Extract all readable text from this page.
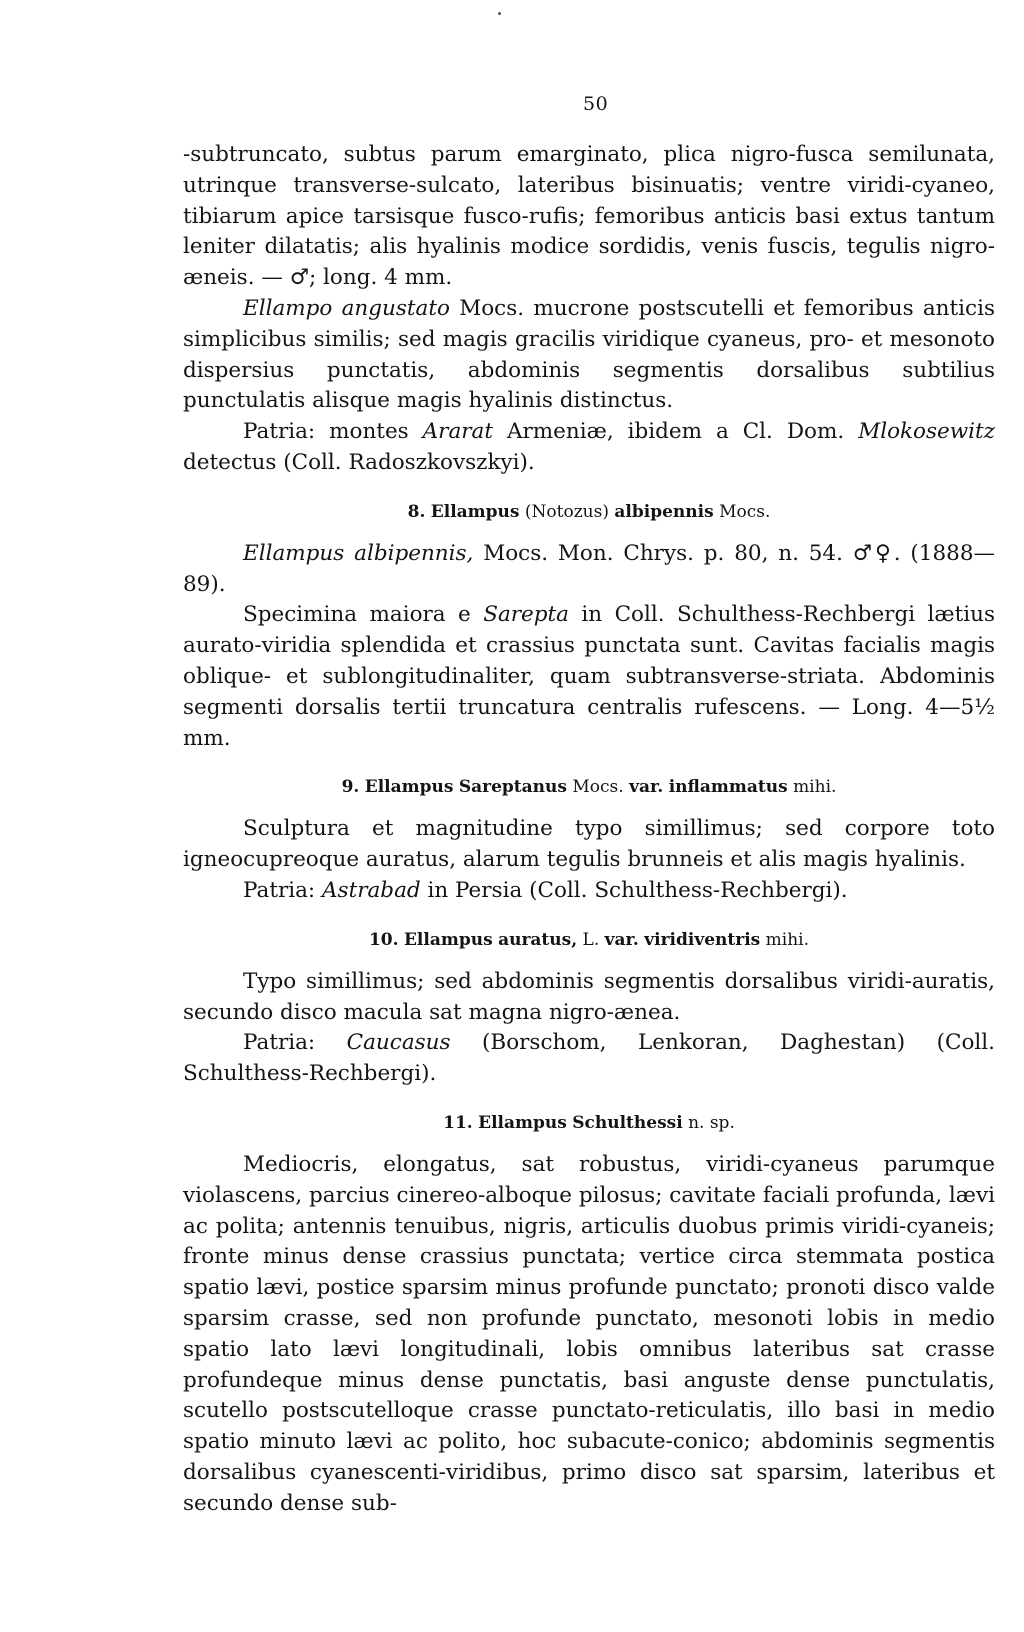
50

-subtruncato, subtus parum emarginato, plica nigro-fusca semilunata, utrinque transverse-sulcato, lateribus bisinuatis; ventre viridi-cyaneo, tibiarum apice tarsisque fusco-rufis; femoribus anticis basi extus tantum leniter dilatatis; alis hyalinis modice sordidis, venis fuscis, tegulis nigro-æneis. — ♂; long. 4 mm.

Ellampo angustato Mocs. mucrone postscutelli et femoribus anticis simplicibus similis; sed magis gracilis viridique cyaneus, pro- et mesonoto dispersius punctatis, abdominis segmentis dorsalibus subtilius punctulatis alisque magis hyalinis distinctus.

Patria: montes Ararat Armeniæ, ibidem a Cl. Dom. Mlokosewitz detectus (Coll. Radoszkovszkyi).

8. Ellampus (Notozus) albipennis Mocs.

Ellampus albipennis, Mocs. Mon. Chrys. p. 80, n. 54. ♂♀. (1888—89).

Specimina maiora e Sarepta in Coll. Schulthess-Rechbergi lætius aurato-viridia splendida et crassius punctata sunt. Cavitas facialis magis oblique- et sublongitudinaliter, quam subtransverse-striata. Abdominis segmenti dorsalis tertii truncatura centralis rufescens. — Long. 4—5½ mm.

9. Ellampus Sareptanus Mocs. var. inflammatus mihi.

Sculptura et magnitudine typo simillimus; sed corpore toto igneocupreoque auratus, alarum tegulis brunneis et alis magis hyalinis.

Patria: Astrabad in Persia (Coll. Schulthess-Rechbergi).

10. Ellampus auratus, L. var. viridiventris mihi.

Typo simillimus; sed abdominis segmentis dorsalibus viridi-auratis, secundo disco macula sat magna nigro-ænea.

Patria: Caucasus (Borschom, Lenkoran, Daghestan) (Coll. Schulthess-Rechbergi).

11. Ellampus Schulthessi n. sp.

Mediocris, elongatus, sat robustus, viridi-cyaneus parumque violascens, parcius cinereo-alboque pilosus; cavitate faciali profunda, lævi ac polita; antennis tenuibus, nigris, articulis duobus primis viridi-cyaneis; fronte minus dense crassius punctata; vertice circa stemmata postica spatio lævi, postice sparsim minus profunde punctato; pronoti disco valde sparsim crasse, sed non profunde punctato, mesonoti lobis in medio spatio lato lævi longitudinali, lobis omnibus lateribus sat crasse profundeque minus dense punctatis, basi anguste dense punctulatis, scutello postscutelloque crasse punctato-reticulatis, illo basi in medio spatio minuto lævi ac polito, hoc subacute-conico; abdominis segmentis dorsalibus cyanescenti-viridibus, primo disco sat sparsim, lateribus et secundo dense sub-
